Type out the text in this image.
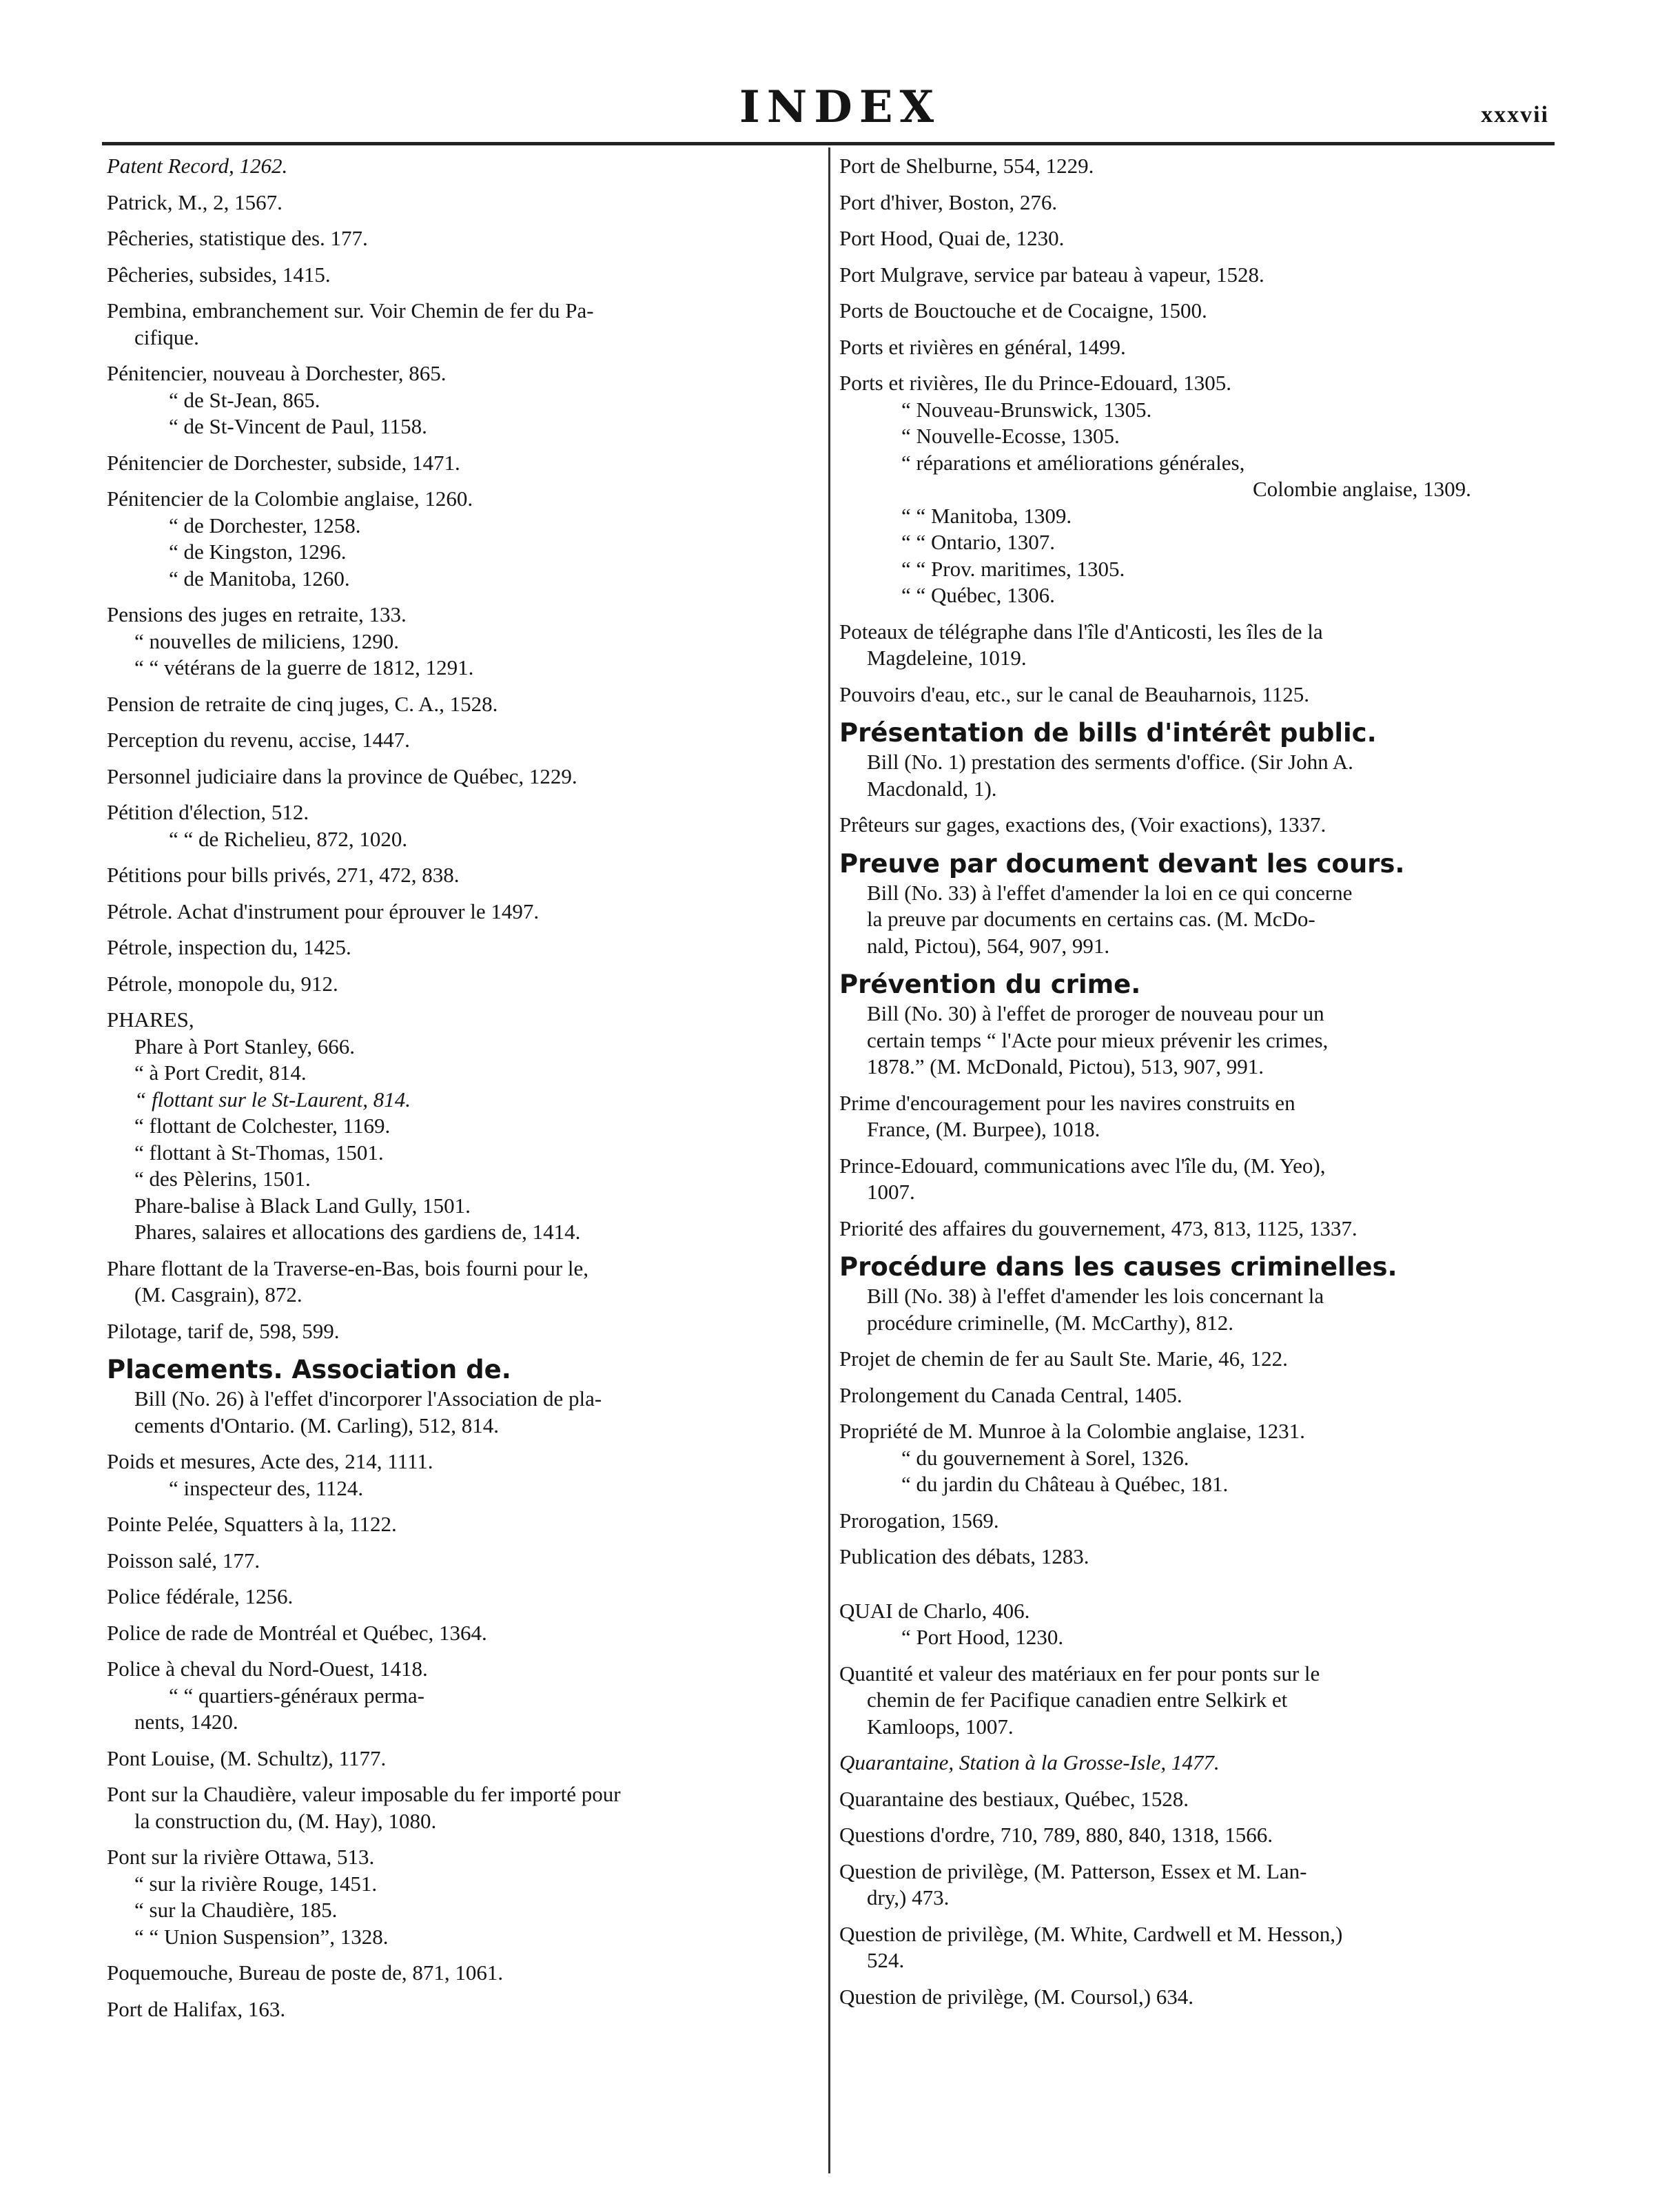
INDEX	xxxvii
Patent Record, 1262.
Patrick, M., 2, 1567.
Pêcheries, statistique des. 177.
Pêcheries, subsides, 1415.
Pembina, embranchement sur. Voir Chemin de fer du Pa-
cifique.
Pénitencier, nouveau à Dorchester, 865.
“ de St-Jean, 865.
“ de St-Vincent de Paul, 1158.
Pénitencier de Dorchester, subside, 1471.
Pénitencier de la Colombie anglaise, 1260.
“ de Dorchester, 1258.
“ de Kingston, 1296.
“ de Manitoba, 1260.
Pensions des juges en retraite, 133.
“ nouvelles de miliciens, 1290.
“ “ vétérans de la guerre de 1812, 1291.
Pension de retraite de cinq juges, C. A., 1528.
Perception du revenu, accise, 1447.
Personnel judiciaire dans la province de Québec, 1229.
Pétition d'élection, 512.
“ “ de Richelieu, 872, 1020.
Pétitions pour bills privés, 271, 472, 838.
Pétrole. Achat d'instrument pour éprouver le 1497.
Pétrole, inspection du, 1425.
Pétrole, monopole du, 912.
PHARES,
Phare à Port Stanley, 666.
“ à Port Credit, 814.
“ flottant sur le St-Laurent, 814.
“ flottant de Colchester, 1169.
“ flottant à St-Thomas, 1501.
“ des Pèlerins, 1501.
Phare-balise à Black Land Gully, 1501.
Phares, salaires et allocations des gardiens de, 1414.
Phare flottant de la Traverse-en-Bas, bois fourni pour le,
(M. Casgrain), 872.
Pilotage, tarif de, 598, 599.
Placements. Association de.
Bill (No. 26) à l'effet d'incorporer l'Association de pla-
cements d'Ontario. (M. Carling), 512, 814.
Poids et mesures, Acte des, 214, 1111.
“ inspecteur des, 1124.
Pointe Pelée, Squatters à la, 1122.
Poisson salé, 177.
Police fédérale, 1256.
Police de rade de Montréal et Québec, 1364.
Police à cheval du Nord-Ouest, 1418.
“ “ quartiers-généraux perma-
nents, 1420.
Pont Louise, (M. Schultz), 1177.
Pont sur la Chaudière, valeur imposable du fer importé pour
la construction du, (M. Hay), 1080.
Pont sur la rivière Ottawa, 513.
“ sur la rivière Rouge, 1451.
“ sur la Chaudière, 185.
“ “ Union Suspension”, 1328.
Poquemouche, Bureau de poste de, 871, 1061.
Port de Halifax, 163.
Port de Shelburne, 554, 1229.
Port d'hiver, Boston, 276.
Port Hood, Quai de, 1230.
Port Mulgrave, service par bateau à vapeur, 1528.
Ports de Bouctouche et de Cocaigne, 1500.
Ports et rivières en général, 1499.
Ports et rivières, Ile du Prince-Edouard, 1305.
“ Nouveau-Brunswick, 1305.
“ Nouvelle-Ecosse, 1305.
“ réparations et améliorations générales,
Colombie anglaise, 1309.
“ “ Manitoba, 1309.
“ “ Ontario, 1307.
“ “ Prov. maritimes, 1305.
“ “ Québec, 1306.
Poteaux de télégraphe dans l'île d'Anticosti, les îles de la
Magdeleine, 1019.
Pouvoirs d'eau, etc., sur le canal de Beauharnois, 1125.
Présentation de bills d'intérêt public.
Bill (No. 1) prestation des serments d'office. (Sir John A.
Macdonald, 1).
Prêteurs sur gages, exactions des, (Voir exactions), 1337.
Preuve par document devant les cours.
Bill (No. 33) à l'effet d'amender la loi en ce qui concerne
la preuve par documents en certains cas. (M. McDo-
nald, Pictou), 564, 907, 991.
Prévention du crime.
Bill (No. 30) à l'effet de proroger de nouveau pour un
certain temps “ l'Acte pour mieux prévenir les crimes,
1878.” (M. McDonald, Pictou), 513, 907, 991.
Prime d'encouragement pour les navires construits en
France, (M. Burpee), 1018.
Prince-Edouard, communications avec l'île du, (M. Yeo),
1007.
Priorité des affaires du gouvernement, 473, 813, 1125, 1337.
Procédure dans les causes criminelles.
Bill (No. 38) à l'effet d'amender les lois concernant la
procédure criminelle, (M. McCarthy), 812.
Projet de chemin de fer au Sault Ste. Marie, 46, 122.
Prolongement du Canada Central, 1405.
Propriété de M. Munroe à la Colombie anglaise, 1231.
“ du gouvernement à Sorel, 1326.
“ du jardin du Château à Québec, 181.
Prorogation, 1569.
Publication des débats, 1283.
QUAI de Charlo, 406.
“ Port Hood, 1230.
Quantité et valeur des matériaux en fer pour ponts sur le
chemin de fer Pacifique canadien entre Selkirk et
Kamloops, 1007.
Quarantaine, Station à la Grosse-Isle, 1477.
Quarantaine des bestiaux, Québec, 1528.
Questions d'ordre, 710, 789, 880, 840, 1318, 1566.
Question de privilège, (M. Patterson, Essex et M. Lan-
dry,) 473.
Question de privilège, (M. White, Cardwell et M. Hesson,)
524.
Question de privilège, (M. Coursol,) 634.
